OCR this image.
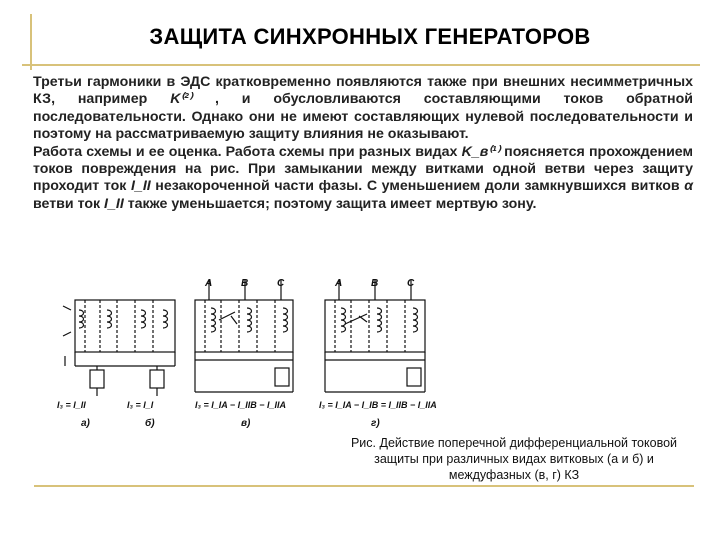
ЗАЩИТА СИНХРОННЫХ ГЕНЕРАТОРОВ

Третьи гармоники в ЭДС кратковременно появляются также при внешних несимметричных КЗ, например K⁽²⁾ , и обусловливаются составляющими токов обратной последовательности. Однако они не имеют составляющих нулевой последовательности и поэтому на рассматриваемую защиту влияния не оказывают.

Работа схемы и ее оценка. Работа схемы при разных видах K_в⁽¹⁾ поясняется прохождением токов повреждения на рис. При замыкании между витками одной ветви через защиту проходит ток I_II незакороченной части фазы. С уменьшением доли замкнувшихся витков α ветви ток I_II также уменьшается; поэтому защита имеет мертвую зону.

A	B	C	A	B	C
I₃ = I_II	I₃ = I_I	I₃ = I_IA − I_IIB − I_IIA	I₃ = I_IA − I_IB = I_IIB − I_IIA
а)	б)	в)	г)
Рис. Действие поперечной дифференциальной токовой защиты при различных видах витковых (а и б) и междуфазных (в, г) КЗ
